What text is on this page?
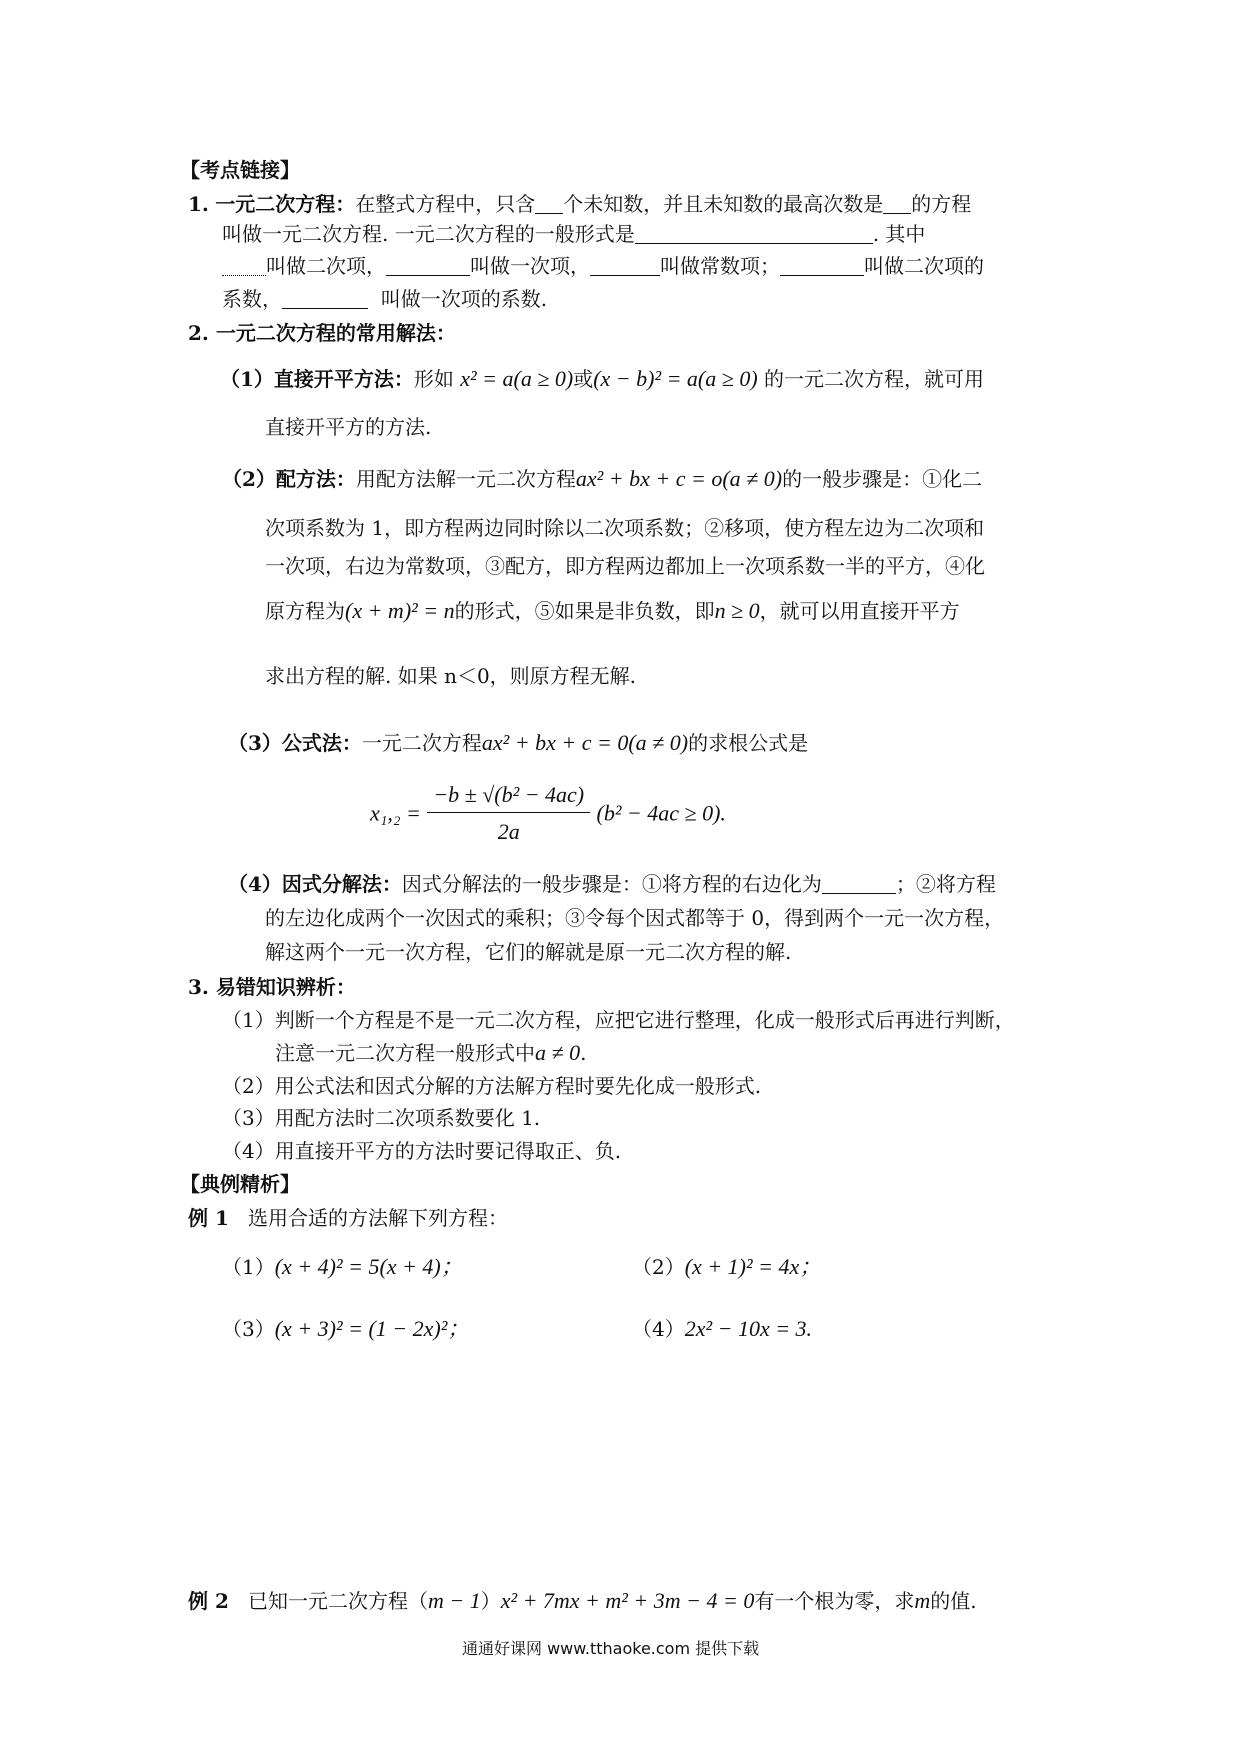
【考点链接】
1. 一元二次方程：在整式方程中，只含 个未知数，并且未知数的最高次数是 的方程
叫做一元二次方程. 一元二次方程的一般形式是	. 其中
叫做二次项，	叫做一次项，	叫做常数项；	叫做二次项的
系数，	叫做一次项的系数.
2. 一元二次方程的常用解法：
（1）直接开平方法：形如 x² = a(a ≥ 0)或(x − b)² = a(a ≥ 0) 的一元二次方程，就可用
直接开平方的方法.
（2）配方法：用配方法解一元二次方程ax² + bx + c = o(a ≠ 0)的一般步骤是：①化二
次项系数为 1，即方程两边同时除以二次项系数；②移项，使方程左边为二次项和
一次项，右边为常数项，③配方，即方程两边都加上一次项系数一半的平方，④化
原方程为(x + m)² = n的形式，⑤如果是非负数，即n ≥ 0，就可以用直接开平方
求出方程的解. 如果 n＜0，则原方程无解.
（3）公式法：一元二次方程ax² + bx + c = 0(a ≠ 0)的求根公式是
$x_1,_2 = \frac{\text{−b ± √(b² − 4ac)}}{2a} (b^2 - 4ac \ge 0)$.
（4）因式分解法：因式分解法的一般步骤是：①将方程的右边化为	；②将方程
的左边化成两个一次因式的乘积；③令每个因式都等于 0，得到两个一元一次方程，
解这两个一元一次方程，它们的解就是原一元二次方程的解.
3. 易错知识辨析：
（1）判断一个方程是不是一元二次方程，应把它进行整理，化成一般形式后再进行判断，
注意一元二次方程一般形式中a ≠ 0.
（2）用公式法和因式分解的方法解方程时要先化成一般形式.
（3）用配方法时二次项系数要化 1.
（4）用直接开平方的方法时要记得取正、负.
【典例精析】
例 1 选用合适的方法解下列方程：
（1）(x + 4)² = 5(x + 4)；	（2）(x + 1)² = 4x；
（3）(x + 3)² = (1 − 2x)²；	（4）2x² − 10x = 3.
例 2 已知一元二次方程（m − 1）x² + 7mx + m² + 3m − 4 = 0有一个根为零，求m的值.
通通好课网 www.tthaoke.com 提供下载
